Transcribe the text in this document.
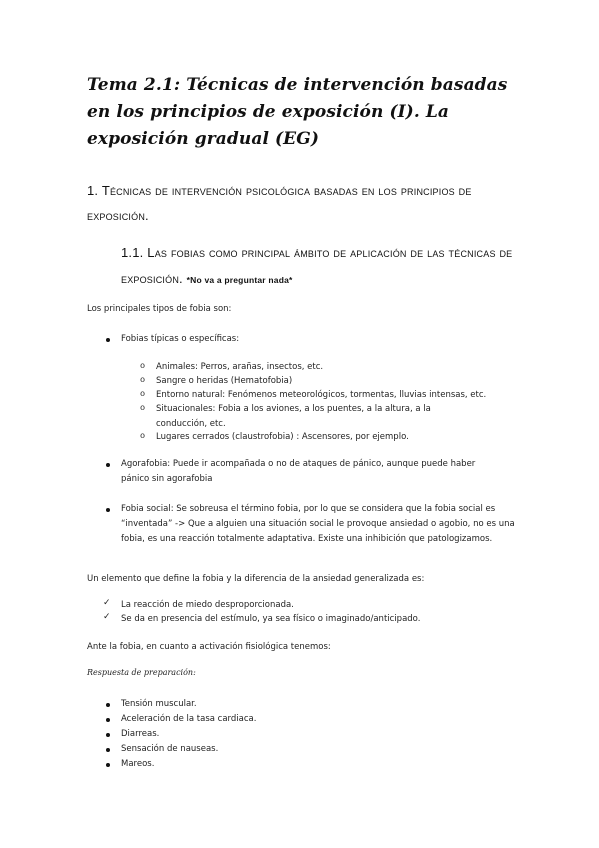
Tema 2.1: Técnicas de intervención basadas en los principios de exposición (I). La exposición gradual (EG)
1. Técnicas de intervención psicológica basadas en los principios de exposición.
1.1. Las fobias como principal ámbito de aplicación de las técnicas de exposición. *No va a preguntar nada*
Los principales tipos de fobia son:
Fobias típicas o específicas:
o Animales: Perros, arañas, insectos, etc.
o Sangre o heridas (Hematofobia)
o Entorno natural: Fenómenos meteorológicos, tormentas, lluvias intensas, etc.
o Situacionales: Fobia a los aviones, a los puentes, a la altura, a la conducción, etc.
o Lugares cerrados (claustrofobia) : Ascensores, por ejemplo.
Agorafobia: Puede ir acompañada o no de ataques de pánico, aunque puede haber pánico sin agorafobia
Fobia social: Se sobreusa el término fobia, por lo que se considera que la fobia social es “inventada” -> Que a alguien una situación social le provoque ansiedad o agobio, no es una fobia, es una reacción totalmente adaptativa. Existe una inhibición que patologizamos.
Un elemento que define la fobia y la diferencia de la ansiedad generalizada es:
✓ La reacción de miedo desproporcionada.
✓ Se da en presencia del estímulo, ya sea físico o imaginado/anticipado.
Ante la fobia, en cuanto a activación fisiológica tenemos:
Respuesta de preparación:
Tensión muscular.
Aceleración de la tasa cardiaca.
Diarreas.
Sensación de nauseas.
Mareos.
